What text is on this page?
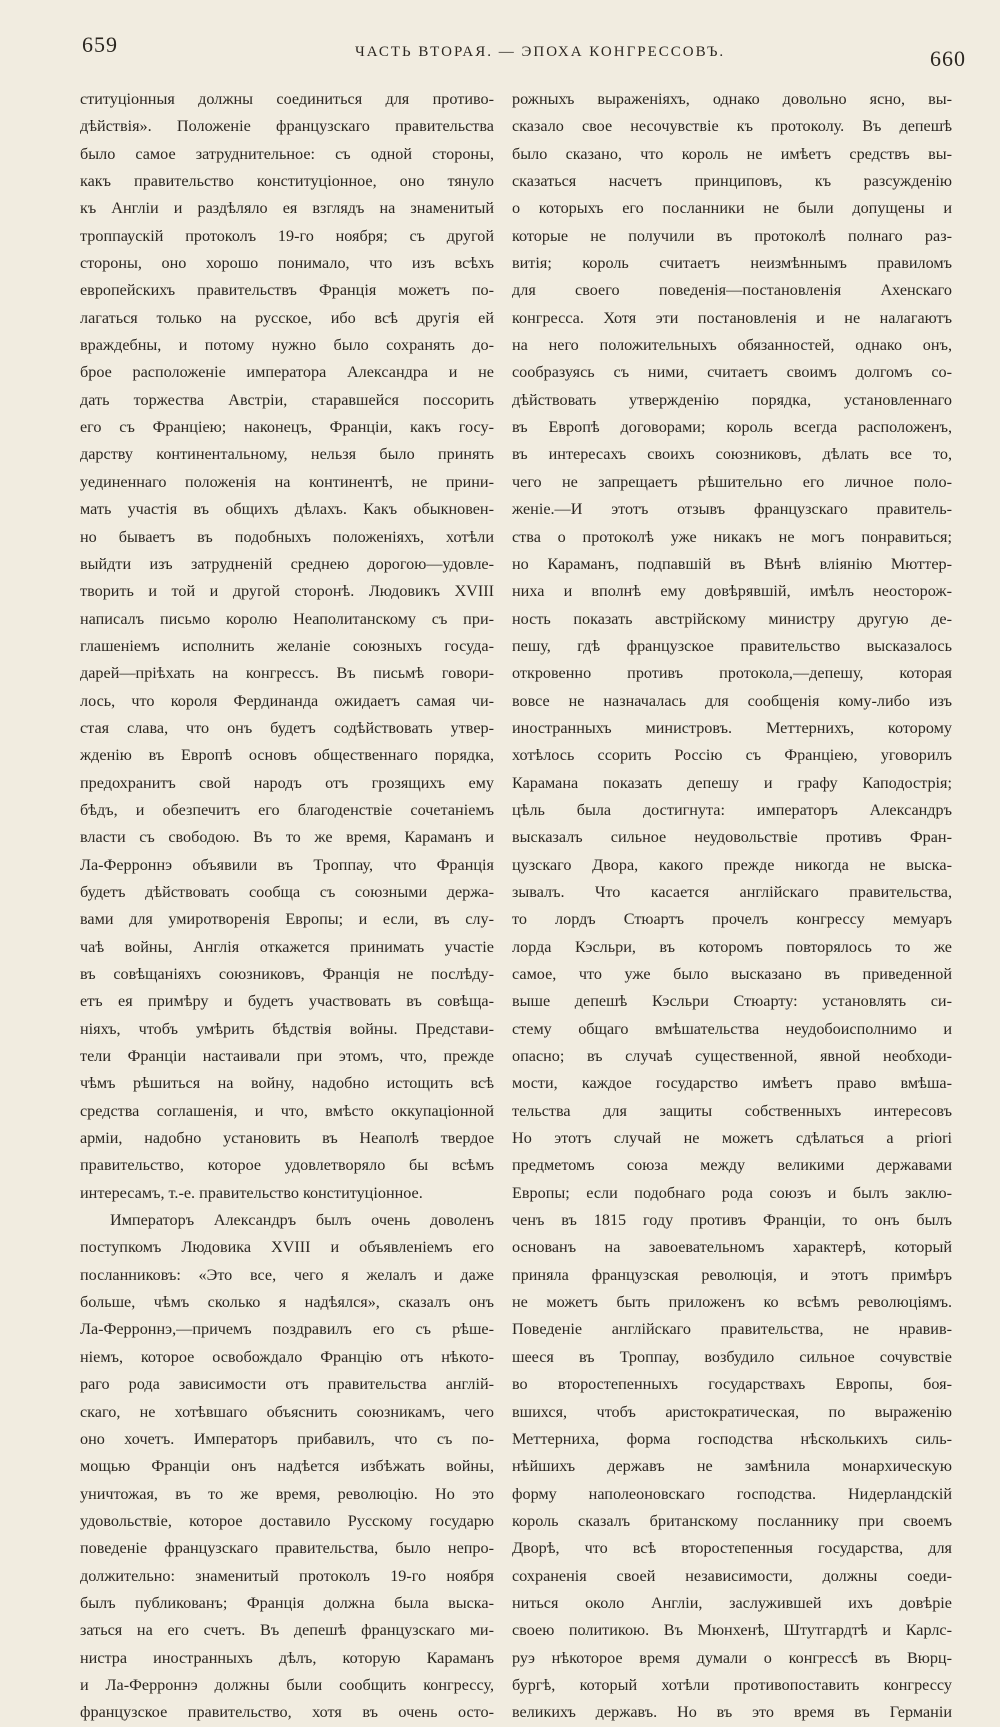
659	ЧАСТЬ ВТОРАЯ. — ЭПОХА КОНГРЕССОВЪ.	660

ституціонныя должны соединиться для противо-

дѣйствія». Положеніе французскаго правительства

было самое затруднительное: съ одной стороны,

какъ правительство конституціонное, оно тянуло

къ Англіи и раздѣляло ея взглядъ на знаменитый

троппаускій протоколъ 19-го ноября; съ другой

стороны, оно хорошо понимало, что изъ всѣхъ

европейскихъ правительствъ Франція можетъ по-

лагаться только на русское, ибо всѣ другія ей

враждебны, и потому нужно было сохранять до-

брое расположеніе императора Александра и не

дать торжества Австріи, старавшейся поссорить

его съ Франціею; наконецъ, Франціи, какъ госу-

дарству континентальному, нельзя было принять

уединеннаго положенія на континентѣ, не прини-

мать участія въ общихъ дѣлахъ. Какъ обыкновен-

но бываетъ въ подобныхъ положеніяхъ, хотѣли

выйдти изъ затрудненій среднею дорогою—удовле-

творить и той и другой сторонѣ. Людовикъ XVIII

написалъ письмо королю Неаполитанскому съ при-

глашеніемъ исполнить желаніе союзныхъ госуда-

дарей—пріѣхать на конгрессъ. Въ письмѣ говори-

лось, что короля Фердинанда ожидаетъ самая чи-

стая слава, что онъ будетъ содѣйствовать утвер-

жденію въ Европѣ основъ общественнаго порядка,

предохранитъ свой народъ отъ грозящихъ ему

бѣдъ, и обезпечитъ его благоденствіе сочетаніемъ

власти съ свободою. Въ то же время, Караманъ и

Ла-Ферроннэ объявили въ Троппау, что Франція

будетъ дѣйствовать сообща съ союзными держа-

вами для умиротворенія Европы; и если, въ слу-

чаѣ войны, Англія откажется принимать участіе

въ совѣщаніяхъ союзниковъ, Франція не послѣду-

етъ ея примѣру и будетъ участвовать въ совѣща-

ніяхъ, чтобъ умѣрить бѣдствія войны. Представи-

тели Франціи настаивали при этомъ, что, прежде

чѣмъ рѣшиться на войну, надобно истощить всѣ

средства соглашенія, и что, вмѣсто оккупаціонной

арміи, надобно установить въ Неаполѣ твердое

правительство, которое удовлетворяло бы всѣмъ

интересамъ, т.-е. правительство конституціонное.

Императоръ Александръ былъ очень доволенъ

поступкомъ Людовика XVIII и объявленіемъ его

посланниковъ: «Это все, чего я желалъ и даже

больше, чѣмъ сколько я надѣялся», сказалъ онъ

Ла-Ферроннэ,—причемъ поздравилъ его съ рѣше-

ніемъ, которое освобождало Францію отъ нѣкото-

раго рода зависимости отъ правительства англій-

скаго, не хотѣвшаго объяснить союзникамъ, чего

оно хочетъ. Императоръ прибавилъ, что съ по-

мощью Франціи онъ надѣется избѣжать войны,

уничтожая, въ то же время, революцію. Но это

удовольствіе, которое доставило Русскому государю

поведеніе французскаго правительства, было непро-

должительно: знаменитый протоколъ 19-го ноября

былъ публикованъ; Франція должна была выска-

заться на его счетъ. Въ депешѣ французскаго ми-

нистра иностранныхъ дѣлъ, которую Караманъ

и Ла-Ферроннэ должны были сообщить конгрессу,

французское правительство, хотя въ очень осто-

рожныхъ выраженіяхъ, однако довольно ясно, вы-

сказало свое несочувствіе къ протоколу. Въ депешѣ

было сказано, что король не имѣетъ средствъ вы-

сказаться насчетъ принциповъ, къ разсужденію

о которыхъ его посланники не были допущены и

которые не получили въ протоколѣ полнаго раз-

витія; король считаетъ неизмѣннымъ правиломъ

для своего поведенія—постановленія Ахенскаго

конгресса. Хотя эти постановленія и не налагаютъ

на него положительныхъ обязанностей, однако онъ,

сообразуясь съ ними, считаетъ своимъ долгомъ со-

дѣйствовать утвержденію порядка, установленнаго

въ Европѣ договорами; король всегда расположенъ,

въ интересахъ своихъ союзниковъ, дѣлать все то,

чего не запрещаетъ рѣшительно его личное поло-

женіе.—И этотъ отзывъ французскаго правитель-

ства о протоколѣ уже никакъ не могъ понравиться;

но Караманъ, подпавшій въ Вѣнѣ вліянію Мюттер-

ниха и вполнѣ ему довѣрявшій, имѣлъ неосторож-

ность показать австрійскому министру другую де-

пешу, гдѣ французское правительство высказалось

откровенно противъ протокола,—депешу, которая

вовсе не назначалась для сообщенія кому-либо изъ

иностранныхъ министровъ. Меттернихъ, которому

хотѣлось ссорить Россію съ Франціею, уговорилъ

Карамана показать депешу и графу Каподострія;

цѣль была достигнута: императоръ Александръ

высказалъ сильное неудовольствіе противъ Фран-

цузскаго Двора, какого прежде никогда не выска-

зывалъ. Что касается англійскаго правительства,

то лордъ Стюартъ прочелъ конгрессу мемуаръ

лорда Кэсльри, въ которомъ повторялось то же

самое, что уже было высказано въ приведенной

выше депешѣ Кэсльри Стюарту: установлять си-

стему общаго вмѣшательства неудобоисполнимо и

опасно; въ случаѣ существенной, явной необходи-

мости, каждое государство имѣетъ право вмѣша-

тельства для защиты собственныхъ интересовъ

Но этотъ случай не можетъ сдѣлаться a priori

предметомъ союза между великими державами

Европы; если подобнаго рода союзъ и былъ заклю-

ченъ въ 1815 году противъ Франціи, то онъ былъ

основанъ на завоевательномъ характерѣ, который

приняла французская революція, и этотъ примѣръ

не можетъ быть приложенъ ко всѣмъ революціямъ.

Поведеніе англійскаго правительства, не нравив-

шееся въ Троппау, возбудило сильное сочувствіе

во второстепенныхъ государствахъ Европы, боя-

вшихся, чтобъ аристократическая, по выраженію

Меттерниха, форма господства нѣсколькихъ силь-

нѣйшихъ державъ не замѣнила монархическую

форму наполеоновскаго господства. Нидерландскій

король сказалъ британскому посланнику при своемъ

Дворѣ, что всѣ второстепенныя государства, для

сохраненія своей независимости, должны соеди-

ниться около Англіи, заслужившей ихъ довѣріе

своею политикою. Въ Мюнхенѣ, Штутгардтѣ и Карлс-

руэ нѣкоторое время думали о конгрессѣ въ Вюрц-

бургѣ, который хотѣли противопоставить конгрессу

великихъ державъ. Но въ это время въ Германіи
